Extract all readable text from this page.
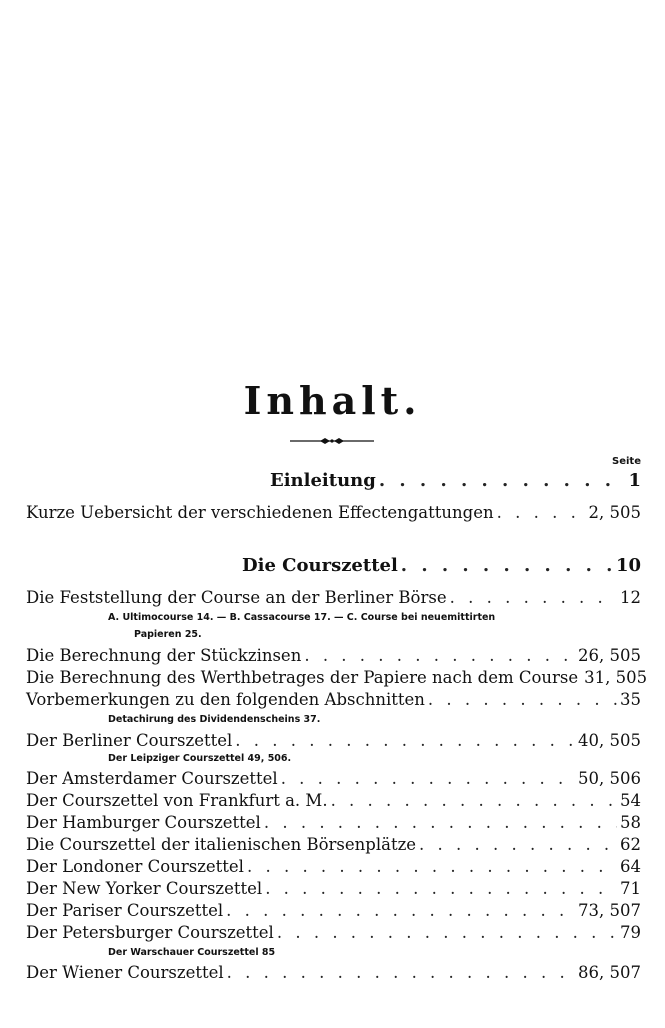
Inhalt.
Seite
Einleitung . . .	1
Kurze Uebersicht der verschiedenen Effectengattungen . . .	2, 505
Die Courszettel . . .	10
Die Feststellung der Course an der Berliner Börse . . .	12
A. Ultimocourse 14. — B. Cassacourse 17. — C. Course bei neuemittirten
Papieren 25.
Die Berechnung der Stückzinsen . . .	26, 505
Die Berechnung des Werthbetrages der Papiere nach dem Course 31, 505
Vorbemerkungen zu den folgenden Abschnitten . . .	35
Detachirung des Dividendenscheins 37.
Der Berliner Courszettel . . .	40, 505
Der Leipziger Courszettel 49, 506.
Der Amsterdamer Courszettel . . .	50, 506
Der Courszettel von Frankfurt a. M. . . .	54
Der Hamburger Courszettel . . .	58
Die Courszettel der italienischen Börsenplätze . . .	62
Der Londoner Courszettel . . .	64
Der New Yorker Courszettel . . .	71
Der Pariser Courszettel . . .	73, 507
Der Petersburger Courszettel . . .	79
Der Warschauer Courszettel 85
Der Wiener Courszettel . . .	86, 507
